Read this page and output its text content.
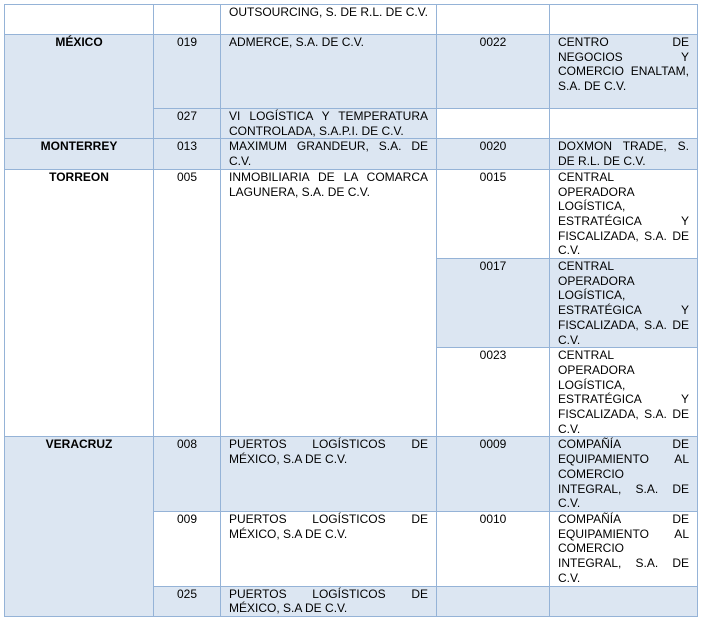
		OUTSOURCING, S. DE R.L. DE C.V.		
MÉXICO	019	ADMERCE, S.A. DE C.V.	0022	CENTRO DE NEGOCIOS Y COMERCIO ENALTAM, S.A. DE C.V.
	027	VI LOGÍSTICA Y TEMPERATURA CONTROLADA, S.A.P.I. DE C.V.		
MONTERREY	013	MAXIMUM GRANDEUR, S.A. DE C.V.	0020	DOXMON TRADE, S. DE R.L. DE C.V.
TORREON	005	INMOBILIARIA DE LA COMARCA LAGUNERA, S.A. DE C.V.	0015	CENTRAL OPERADORA LOGÍSTICA, ESTRATÉGICA Y FISCALIZADA, S.A. DE C.V.
			0017	CENTRAL OPERADORA LOGÍSTICA, ESTRATÉGICA Y FISCALIZADA, S.A. DE C.V.
			0023	CENTRAL OPERADORA LOGÍSTICA, ESTRATÉGICA Y FISCALIZADA, S.A. DE C.V.
VERACRUZ	008	PUERTOS LOGÍSTICOS DE MÉXICO, S.A DE C.V.	0009	COMPAÑÍA DE EQUIPAMIENTO AL COMERCIO INTEGRAL, S.A. DE C.V.
	009	PUERTOS LOGÍSTICOS DE MÉXICO, S.A DE C.V.	0010	COMPAÑÍA DE EQUIPAMIENTO AL COMERCIO INTEGRAL, S.A. DE C.V.
	025	PUERTOS LOGÍSTICOS DE MÉXICO, S.A DE C.V.		
